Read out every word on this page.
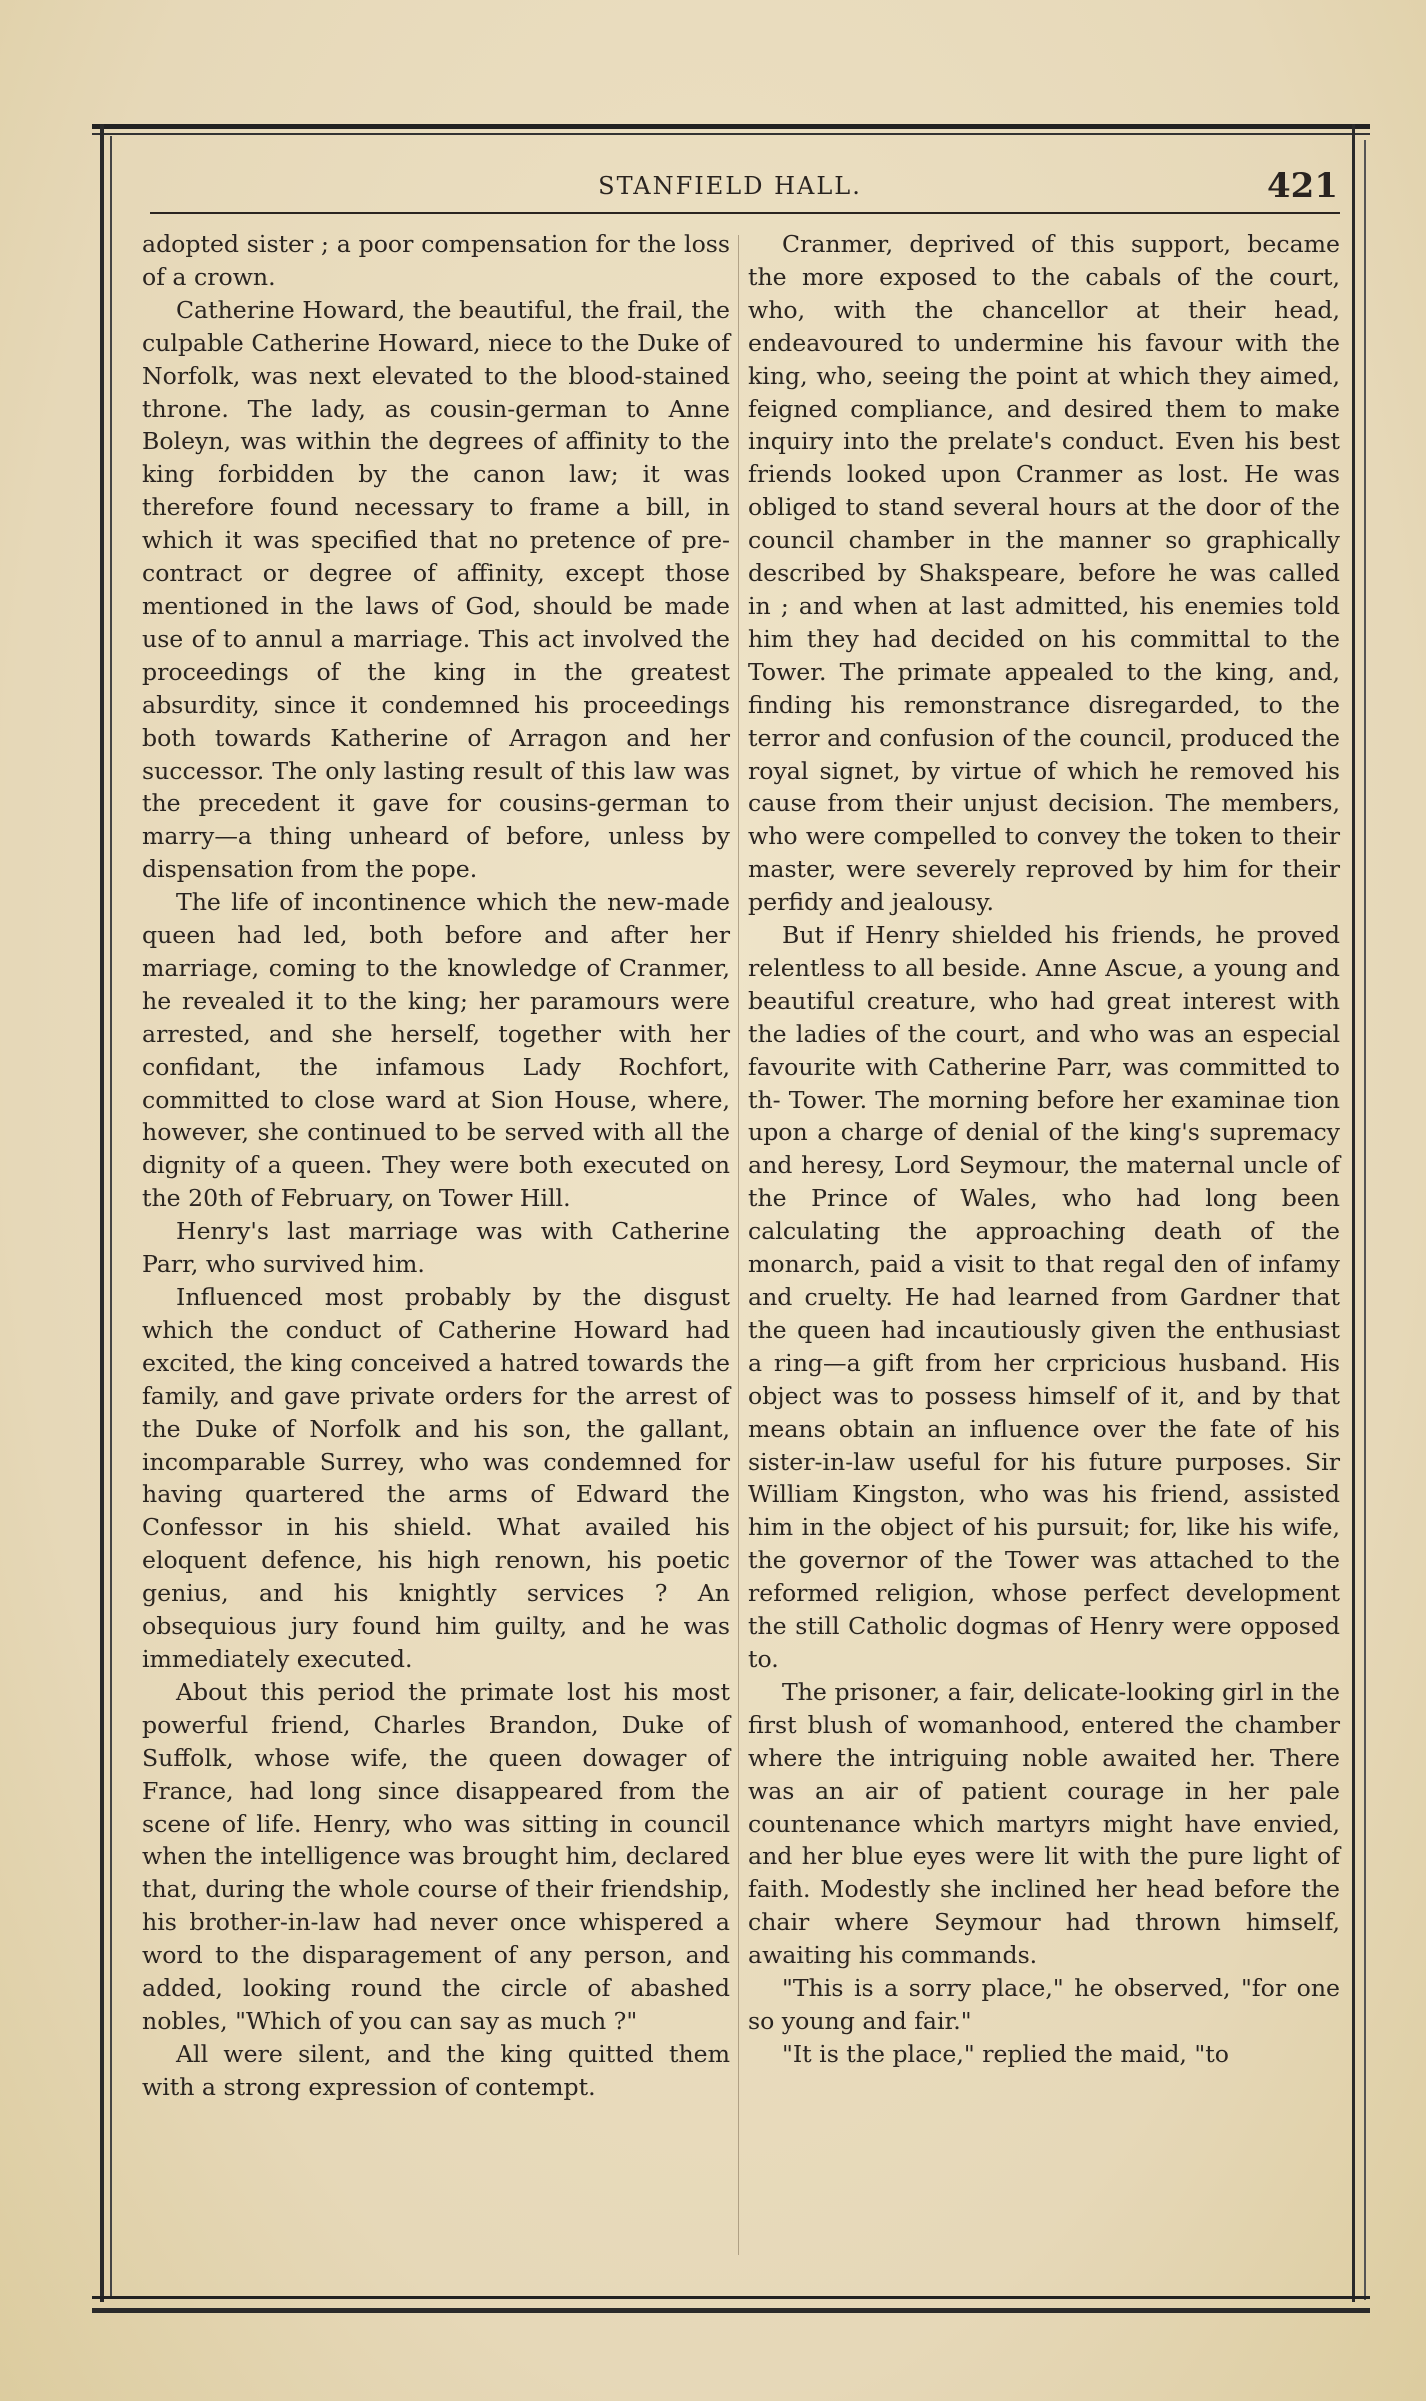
STANFIELD HALL.	421

adopted sister ; a poor compensation for the loss of a crown.

Catherine Howard, the beautiful, the frail, the culpable Catherine Howard, niece to the Duke of Norfolk, was next elevated to the blood-stained throne. The lady, as cousin-german to Anne Boleyn, was within the degrees of affinity to the king forbidden by the canon law; it was therefore found necessary to frame a bill, in which it was specified that no pretence of pre-contract or degree of affinity, except those mentioned in the laws of God, should be made use of to annul a marriage. This act involved the proceedings of the king in the greatest absurdity, since it condemned his proceedings both towards Katherine of Arragon and her successor. The only lasting result of this law was the precedent it gave for cousins-german to marry—a thing unheard of before, unless by dispensation from the pope.

The life of incontinence which the new-made queen had led, both before and after her marriage, coming to the knowledge of Cranmer, he revealed it to the king; her paramours were arrested, and she herself, together with her confidant, the infamous Lady Rochfort, committed to close ward at Sion House, where, however, she continued to be served with all the dignity of a queen. They were both executed on the 20th of February, on Tower Hill.

Henry's last marriage was with Catherine Parr, who survived him.

Influenced most probably by the disgust which the conduct of Catherine Howard had excited, the king conceived a hatred towards the family, and gave private orders for the arrest of the Duke of Norfolk and his son, the gallant, incomparable Surrey, who was condemned for having quartered the arms of Edward the Confessor in his shield. What availed his eloquent defence, his high renown, his poetic genius, and his knightly services ? An obsequious jury found him guilty, and he was immediately executed.

About this period the primate lost his most powerful friend, Charles Brandon, Duke of Suffolk, whose wife, the queen dowager of France, had long since disappeared from the scene of life. Henry, who was sitting in council when the intelligence was brought him, declared that, during the whole course of their friendship, his brother-in-law had never once whispered a word to the disparagement of any person, and added, looking round the circle of abashed nobles, "Which of you can say as much ?"

All were silent, and the king quitted them with a strong expression of contempt.

Cranmer, deprived of this support, became the more exposed to the cabals of the court, who, with the chancellor at their head, endeavoured to undermine his favour with the king, who, seeing the point at which they aimed, feigned compliance, and desired them to make inquiry into the prelate's conduct. Even his best friends looked upon Cranmer as lost. He was obliged to stand several hours at the door of the council chamber in the manner so graphically described by Shakspeare, before he was called in ; and when at last admitted, his enemies told him they had decided on his committal to the Tower. The primate appealed to the king, and, finding his remonstrance disregarded, to the terror and confusion of the council, produced the royal signet, by virtue of which he removed his cause from their unjust decision. The members, who were compelled to convey the token to their master, were severely reproved by him for their perfidy and jealousy.

But if Henry shielded his friends, he proved relentless to all beside. Anne Ascue, a young and beautiful creature, who had great interest with the ladies of the court, and who was an especial favourite with Catherine Parr, was committed to th- Tower. The morning before her examinae tion upon a charge of denial of the king's supremacy and heresy, Lord Seymour, the maternal uncle of the Prince of Wales, who had long been calculating the approaching death of the monarch, paid a visit to that regal den of infamy and cruelty. He had learned from Gardner that the queen had incautiously given the enthusiast a ring—a gift from her crpricious husband. His object was to possess himself of it, and by that means obtain an influence over the fate of his sister-in-law useful for his future purposes. Sir William Kingston, who was his friend, assisted him in the object of his pursuit; for, like his wife, the governor of the Tower was attached to the reformed religion, whose perfect development the still Catholic dogmas of Henry were opposed to.

The prisoner, a fair, delicate-looking girl in the first blush of womanhood, entered the chamber where the intriguing noble awaited her. There was an air of patient courage in her pale countenance which martyrs might have envied, and her blue eyes were lit with the pure light of faith. Modestly she inclined her head before the chair where Seymour had thrown himself, awaiting his commands.

"This is a sorry place," he observed, "for one so young and fair."

"It is the place," replied the maid, "to
